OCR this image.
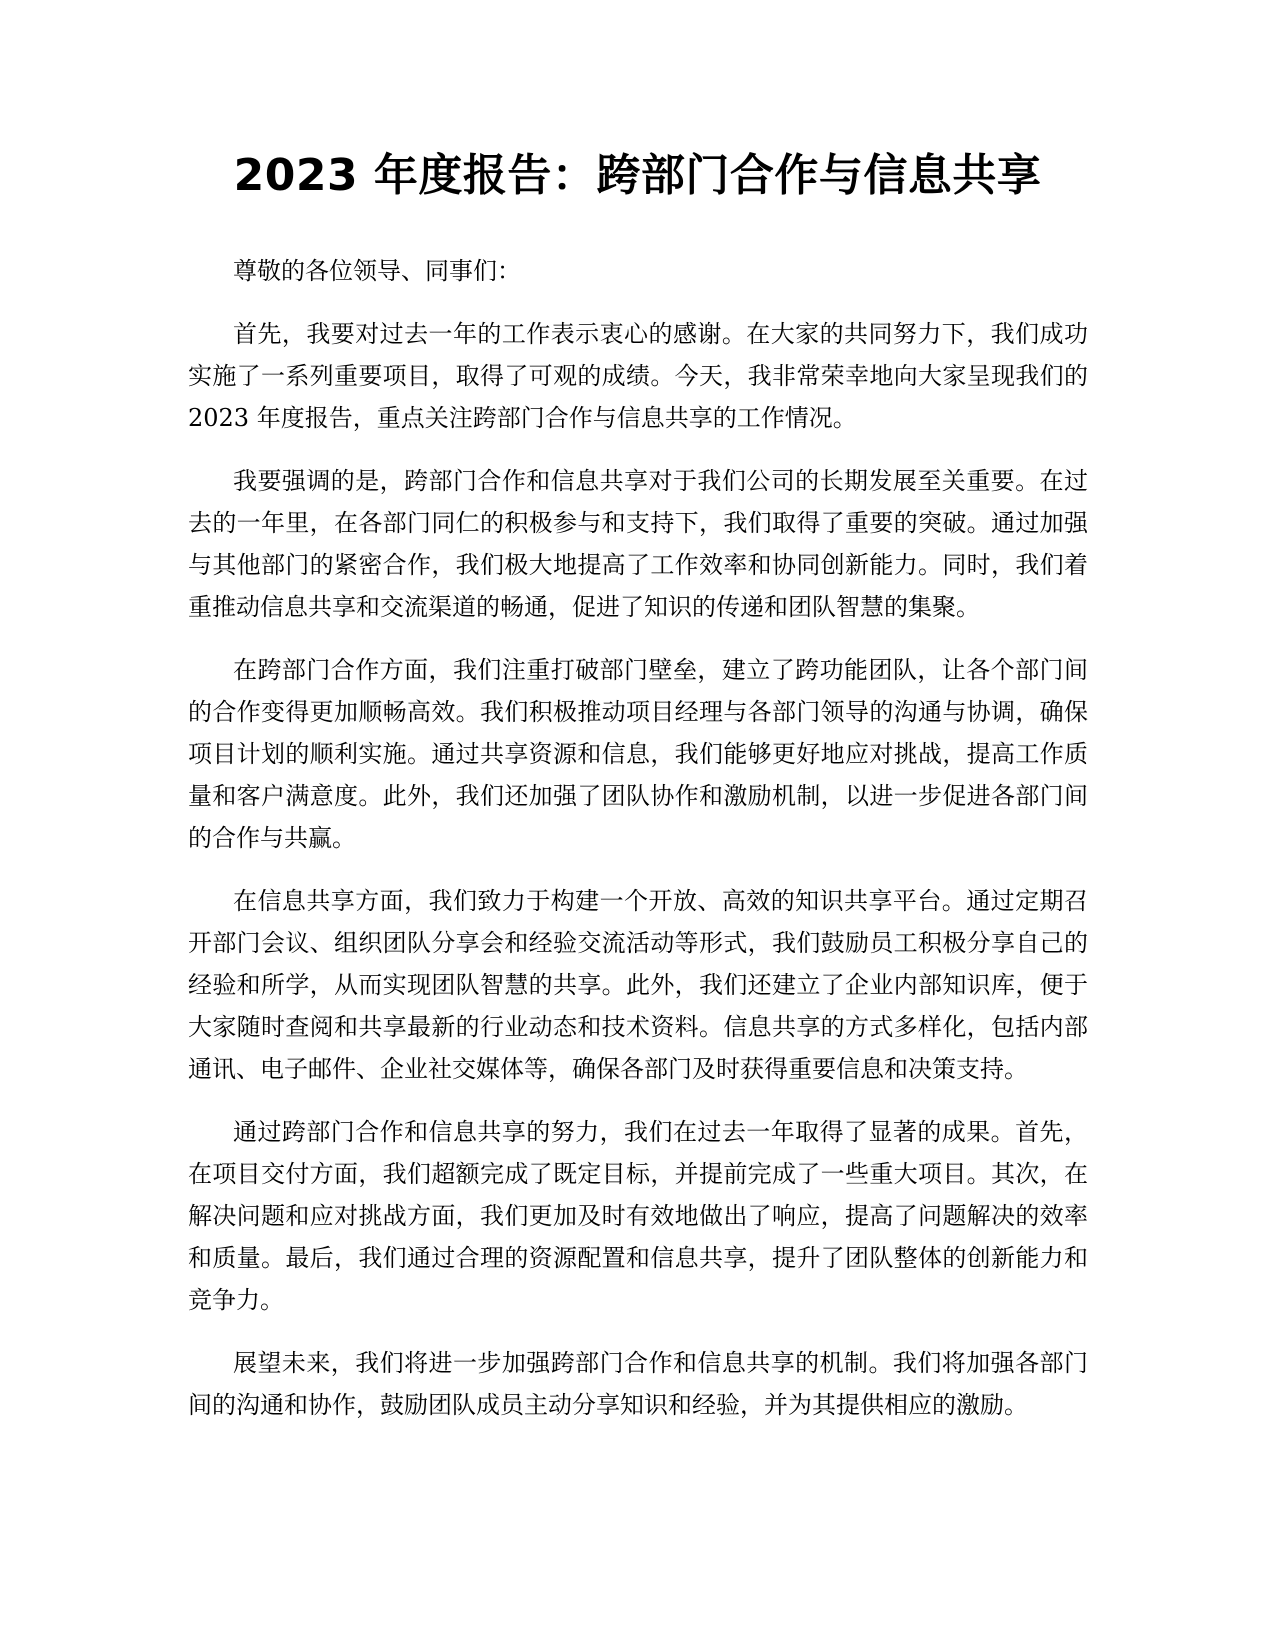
2023 年度报告：跨部门合作与信息共享

尊敬的各位领导、同事们：

首先，我要对过去一年的工作表示衷心的感谢。在大家的共同努力下，我们成功实施了一系列重要项目，取得了可观的成绩。今天，我非常荣幸地向大家呈现我们的 2023 年度报告，重点关注跨部门合作与信息共享的工作情况。

我要强调的是，跨部门合作和信息共享对于我们公司的长期发展至关重要。在过去的一年里，在各部门同仁的积极参与和支持下，我们取得了重要的突破。通过加强与其他部门的紧密合作，我们极大地提高了工作效率和协同创新能力。同时，我们着重推动信息共享和交流渠道的畅通，促进了知识的传递和团队智慧的集聚。

在跨部门合作方面，我们注重打破部门壁垒，建立了跨功能团队，让各个部门间的合作变得更加顺畅高效。我们积极推动项目经理与各部门领导的沟通与协调，确保项目计划的顺利实施。通过共享资源和信息，我们能够更好地应对挑战，提高工作质量和客户满意度。此外，我们还加强了团队协作和激励机制，以进一步促进各部门间的合作与共赢。

在信息共享方面，我们致力于构建一个开放、高效的知识共享平台。通过定期召开部门会议、组织团队分享会和经验交流活动等形式，我们鼓励员工积极分享自己的经验和所学，从而实现团队智慧的共享。此外，我们还建立了企业内部知识库，便于大家随时查阅和共享最新的行业动态和技术资料。信息共享的方式多样化，包括内部通讯、电子邮件、企业社交媒体等，确保各部门及时获得重要信息和决策支持。

通过跨部门合作和信息共享的努力，我们在过去一年取得了显著的成果。首先，在项目交付方面，我们超额完成了既定目标，并提前完成了一些重大项目。其次，在解决问题和应对挑战方面，我们更加及时有效地做出了响应，提高了问题解决的效率和质量。最后，我们通过合理的资源配置和信息共享，提升了团队整体的创新能力和竞争力。

展望未来，我们将进一步加强跨部门合作和信息共享的机制。我们将加强各部门间的沟通和协作，鼓励团队成员主动分享知识和经验，并为其提供相应的激励。
